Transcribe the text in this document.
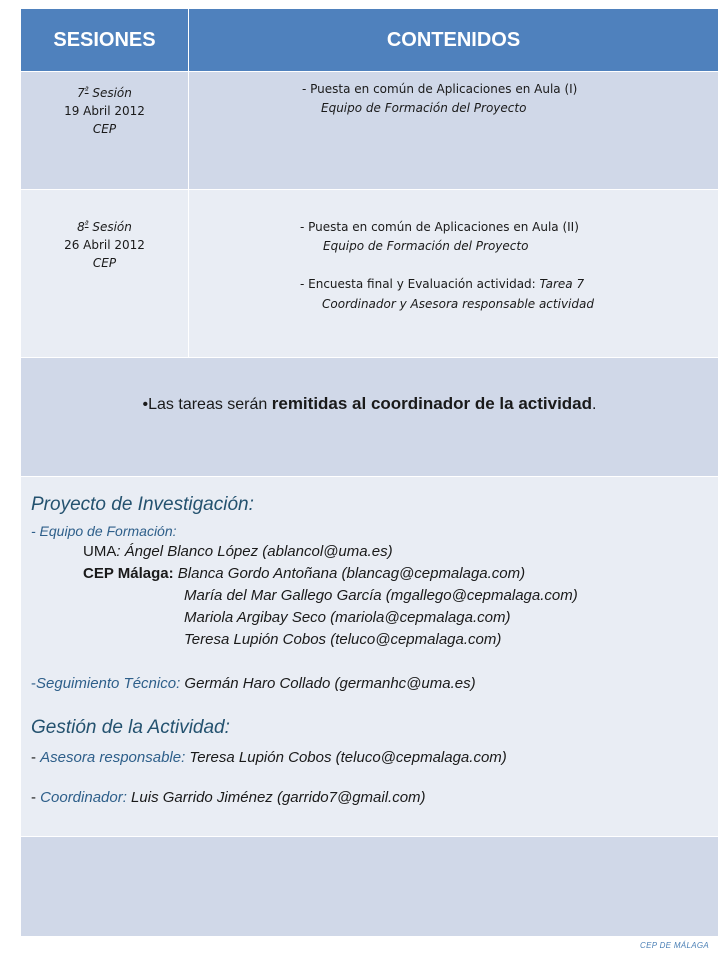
SESIONES	CONTENIDOS
$7^ª$ Sesión
19 Abril 2012
CEP
- Puesta en común de Aplicaciones en Aula (I)
Equipo de Formación del Proyecto
$8^ª$ Sesión
26 Abril 2012
CEP
- Puesta en común de Aplicaciones en Aula (II)
Equipo de Formación del Proyecto
- Encuesta final y Evaluación actividad: Tarea 7
Coordinador y Asesora responsable actividad
•Las tareas serán remitidas al coordinador de la actividad.
Proyecto de Investigación:
- Equipo de Formación:
UMA: Ángel Blanco López (ablancol@uma.es)
CEP Málaga: Blanca Gordo Antoñana (blancag@cepmalaga.com)
María del Mar Gallego García (mgallego@cepmalaga.com)
Mariola Argibay Seco (mariola@cepmalaga.com)
Teresa Lupión Cobos (teluco@cepmalaga.com)
-Seguimiento Técnico: Germán Haro Collado (germanhc@uma.es)
Gestión de la Actividad:
- Asesora responsable: Teresa Lupión Cobos (teluco@cepmalaga.com)
- Coordinador: Luis Garrido Jiménez (garrido7@gmail.com)
CEP DE MÁLAGA
